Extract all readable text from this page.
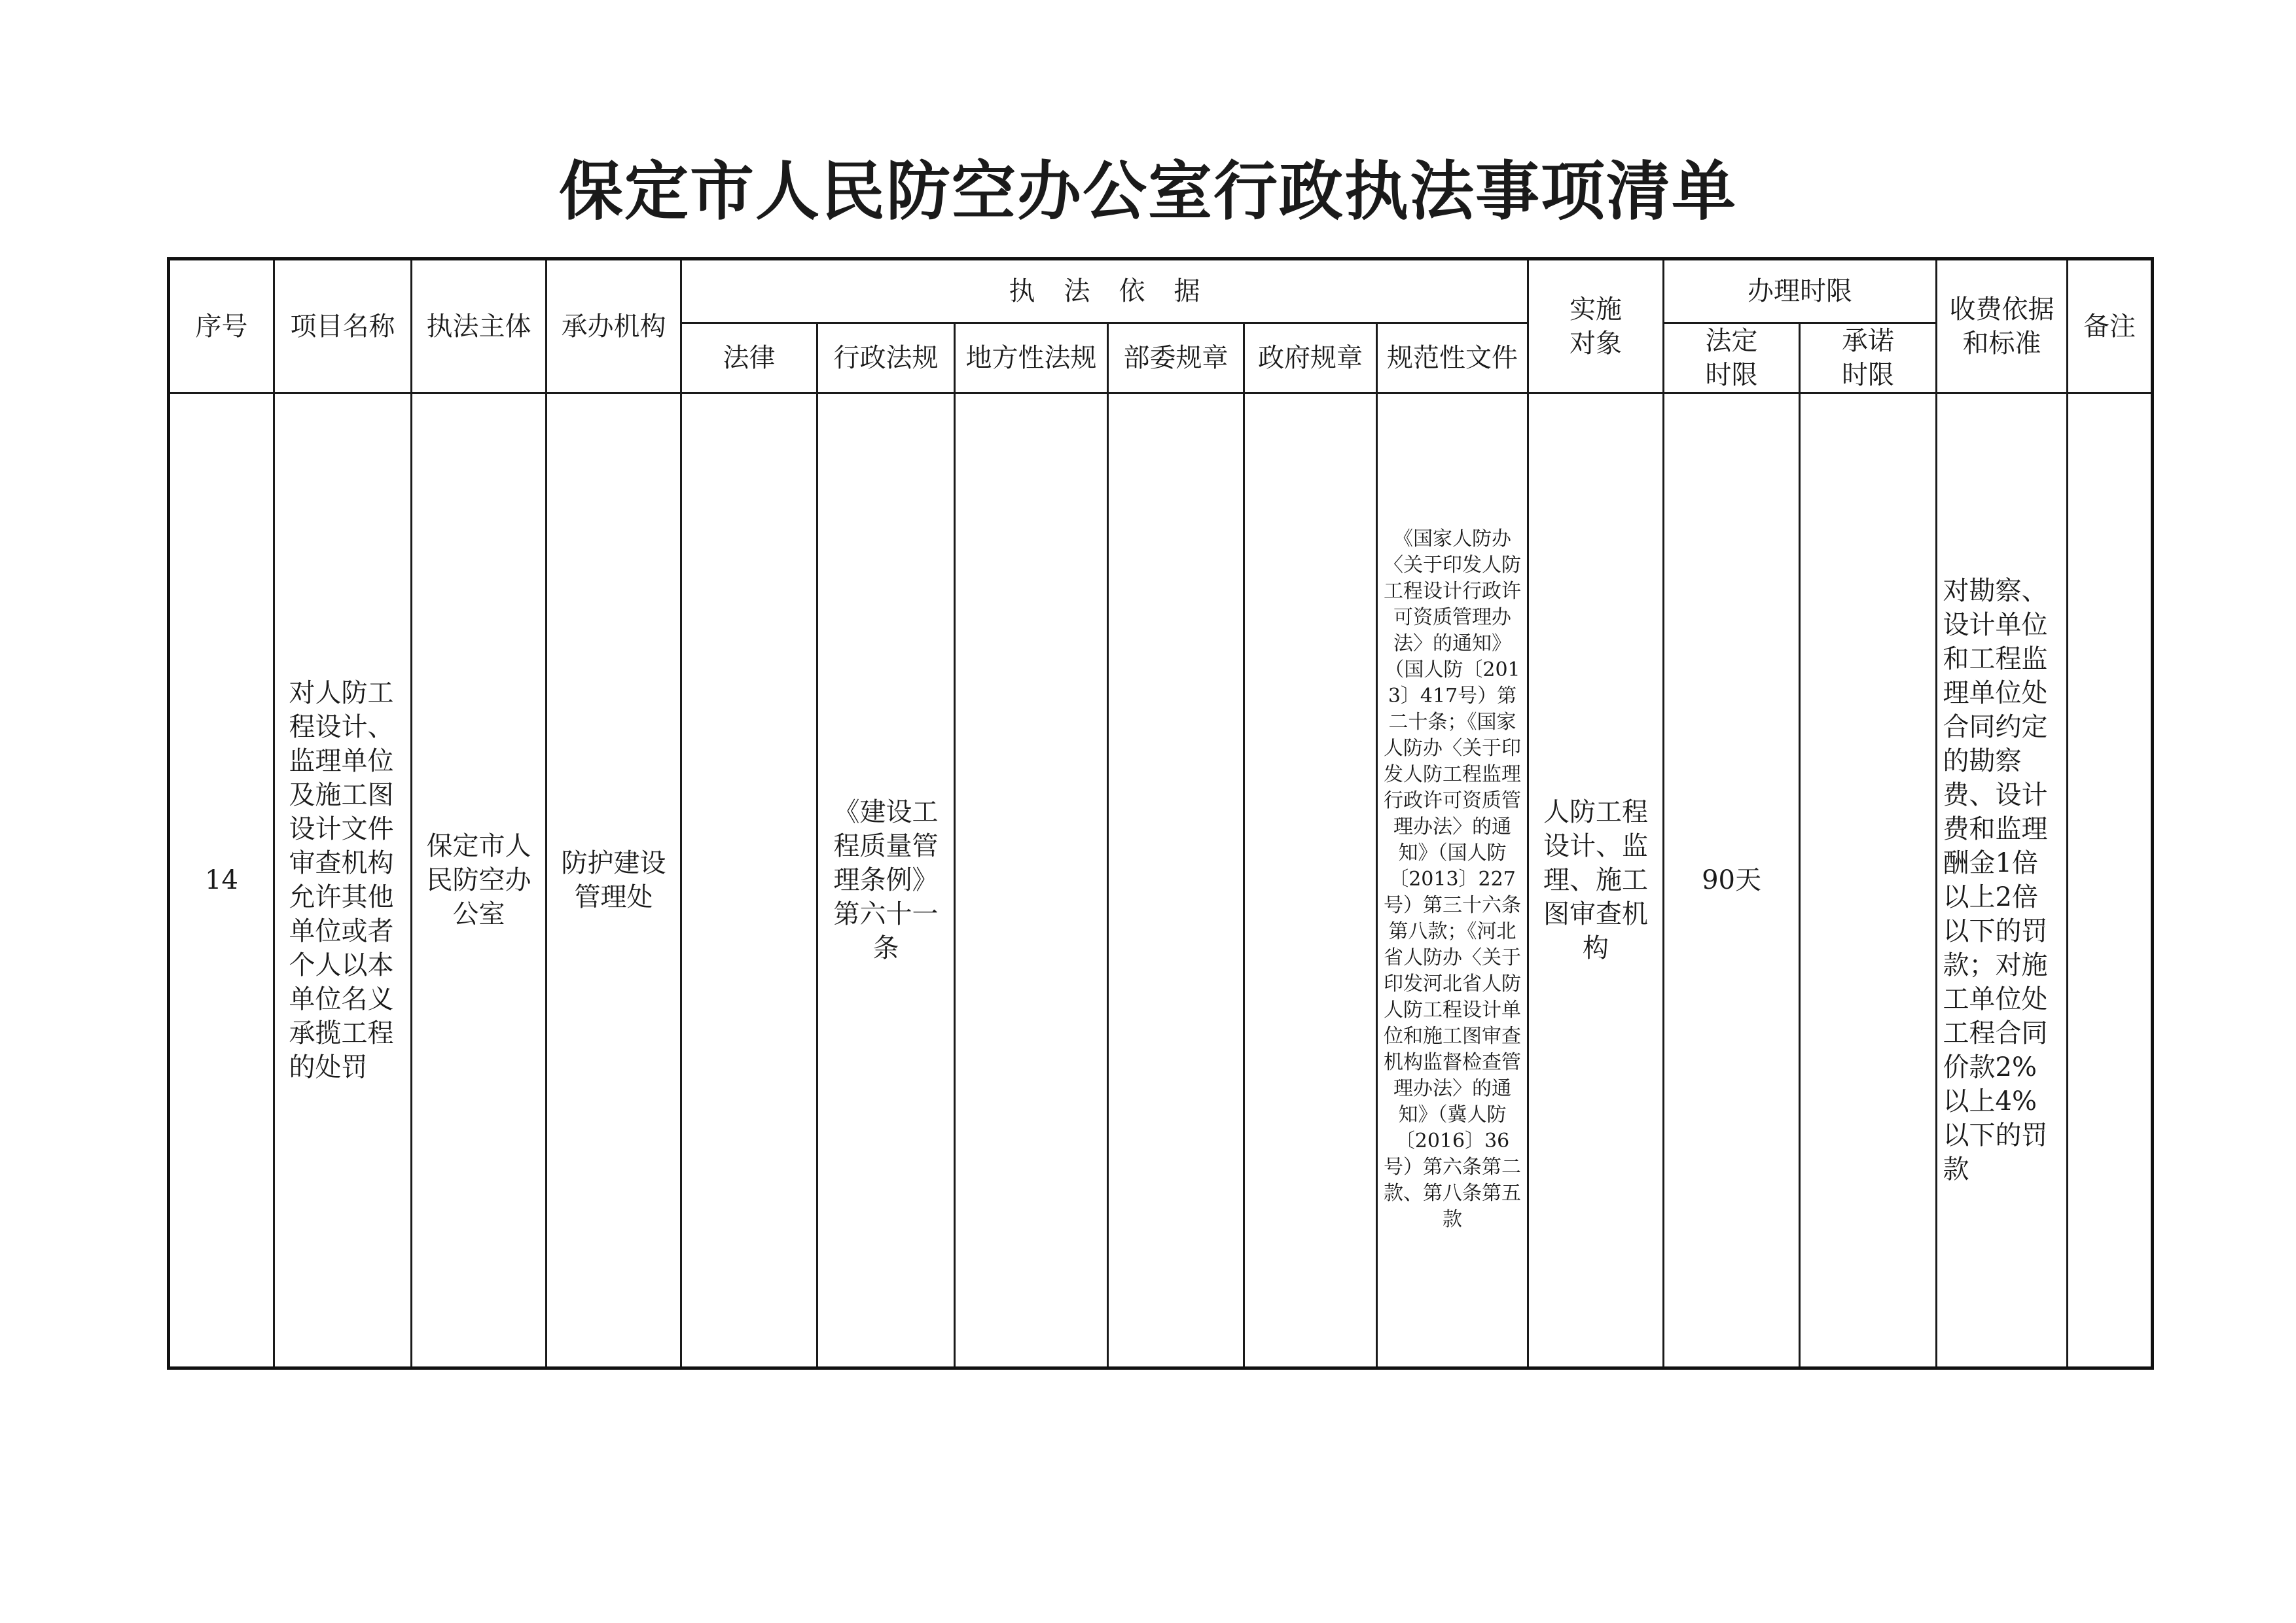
保定市人民防空办公室行政执法事项清单
序号	项目名称	执法主体	承办机构	执法依据						实施对象	办理时限		收费依据和标准	备注
				法律	行政法规	地方性法规	部委规章	政府规章	规范性文件		法定时限	承诺时限		
14	对人防工程设计、监理单位及施工图设计文件审查机构允许其他单位或者个人以本单位名义承揽工程的处罚	保定市人民防空办公室	防护建设管理处		《建设工程质量管理条例》第六十一条				《国家人防办〈关于印发人防工程设计行政许可资质管理办法〉的通知》（国人防〔2013〕417号）第二十条；《国家人防办〈关于印发人防工程监理行政许可资质管理办法〉的通知》（国人防〔2013〕227号）第三十六条第八款；《河北省人防办〈关于印发河北省人防人防工程设计单位和施工图审查机构监督检查管理办法〉的通知》（冀人防〔2016〕36号）第六条第二款、第八条第五款	人防工程设计、监理、施工图审查机构	90天		对勘察、设计单位和工程监理单位处合同约定的勘察费、设计费和监理酬金1倍以上2倍以下的罚款；对施工单位处工程合同价款2%以上4%以下的罚款	
